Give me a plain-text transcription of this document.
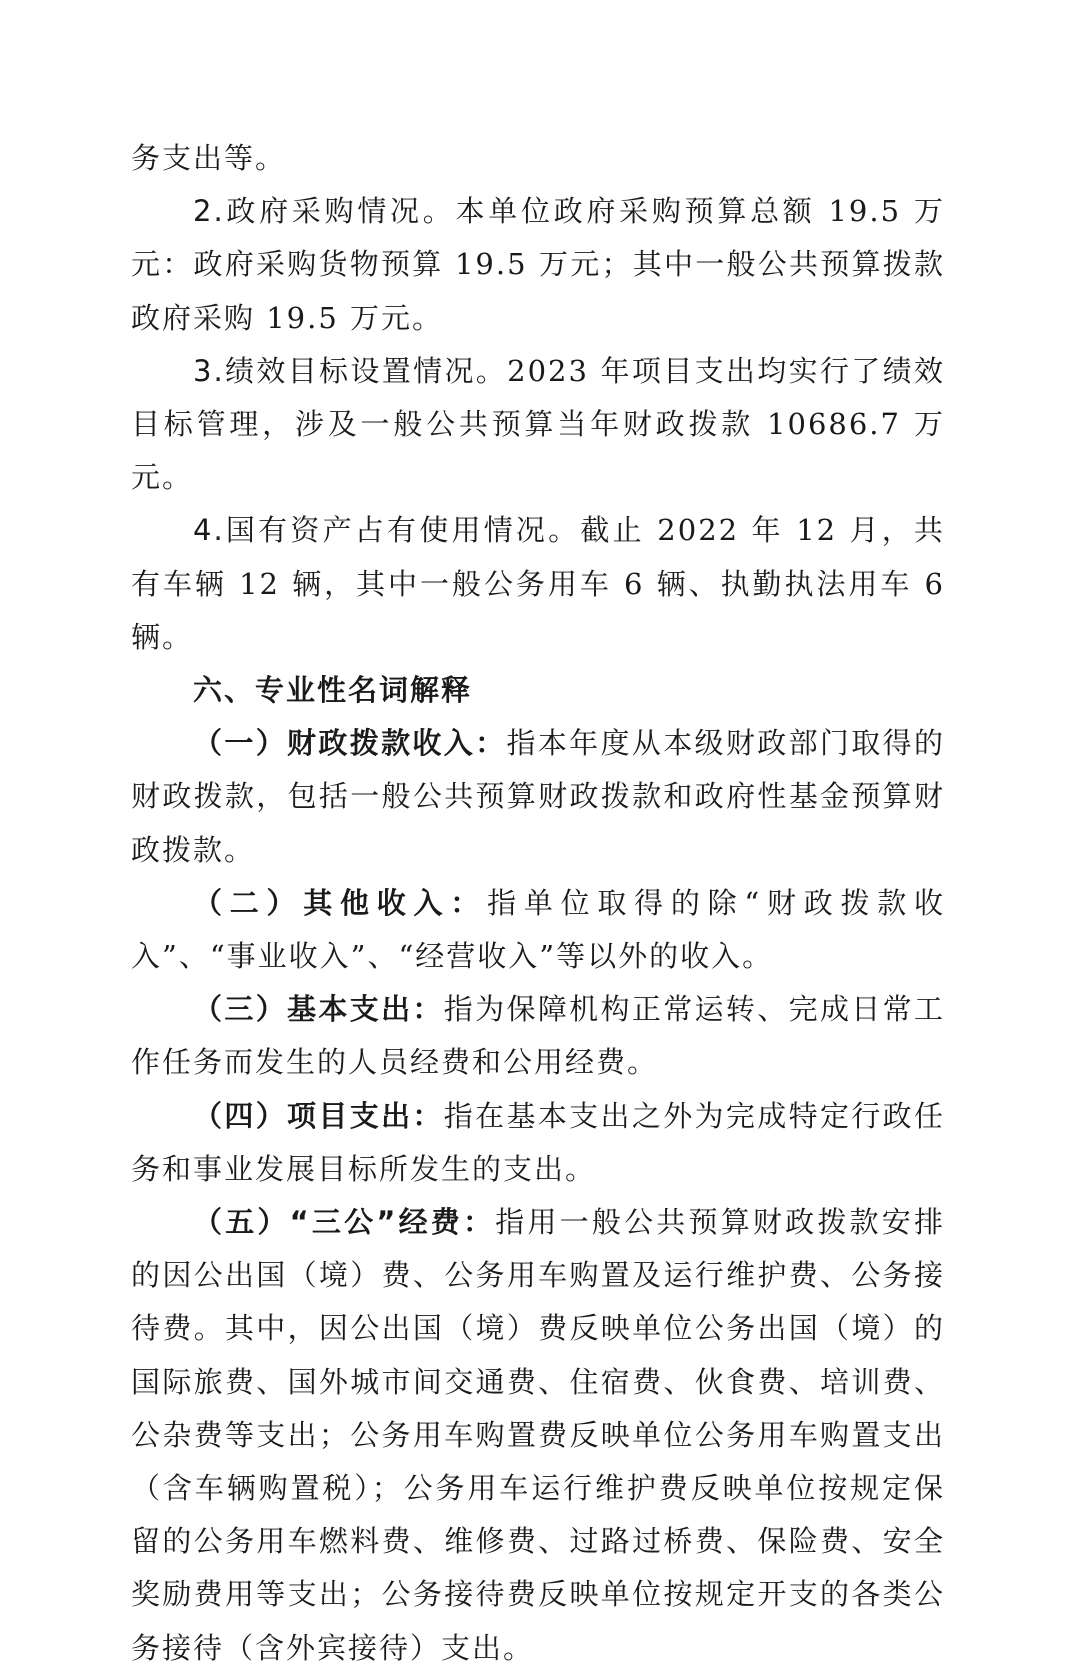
务支出等。

2.政府采购情况。本单位政府采购预算总额 19.5 万元：政府采购货物预算 19.5 万元；其中一般公共预算拨款政府采购 19.5 万元。

3.绩效目标设置情况。2023 年项目支出均实行了绩效目标管理，涉及一般公共预算当年财政拨款 10686.7 万元。

4.国有资产占有使用情况。截止 2022 年 12 月，共有车辆 12 辆，其中一般公务用车 6 辆、执勤执法用车 6 辆。

六、专业性名词解释

（一）财政拨款收入：指本年度从本级财政部门取得的财政拨款，包括一般公共预算财政拨款和政府性基金预算财政拨款。

（二）其他收入：指单位取得的除“财政拨款收入”、“事业收入”、“经营收入”等以外的收入。

（三）基本支出：指为保障机构正常运转、完成日常工作任务而发生的人员经费和公用经费。

（四）项目支出：指在基本支出之外为完成特定行政任务和事业发展目标所发生的支出。

（五）“三公”经费：指用一般公共预算财政拨款安排的因公出国（境）费、公务用车购置及运行维护费、公务接待费。其中，因公出国（境）费反映单位公务出国（境）的国际旅费、国外城市间交通费、住宿费、伙食费、培训费、公杂费等支出；公务用车购置费反映单位公务用车购置支出（含车辆购置税）；公务用车运行维护费反映单位按规定保留的公务用车燃料费、维修费、过路过桥费、保险费、安全奖励费用等支出；公务接待费反映单位按规定开支的各类公务接待（含外宾接待）支出。
